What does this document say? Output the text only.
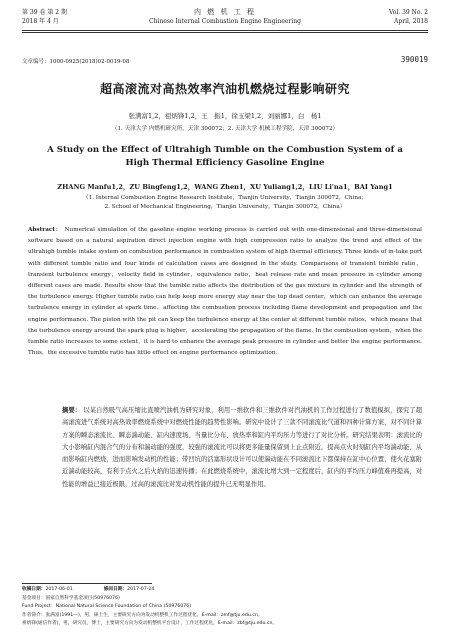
第 39 卷 第 2 期
2018 年 4 月
内 燃 机 工 程
Chinese Internal Combustion Engine Engineering
Vol. 39 No. 2
April, 2018
文章编号：1000-0925(2018)02-0019-08	390019
超高滚流对高热效率汽油机燃烧过程影响研究
张满富1,2，祖炳锋1,2，王　振1，徐玉梁1,2，刘丽娜1，白　杨1
（1. 天津大学 内燃机研究所，天津 300072；2. 天津大学 机械工程学院，天津 300072）
A Study on the Effect of Ultrahigh Tumble on the Combustion System of a High Thermal Efficiency Gasoline Engine
ZHANG Manfu1,2，ZU Bingfeng1,2，WANG Zhen1，XU Yuliang1,2，LIU Li'na1，BAI Yang1
（1. Internal Combustion Engine Research Institute，Tianjin University，Tianjin 300072，China；
2. School of Mechanical Engineering，Tianjin University，Tianjin 300072，China）
Abstract： Numerical simulation of the gasoline engine working process is carried out with one-dimensional and three-dimensional software based on a natural aspiration direct injection engine with high compression ratio to analyze the trend and effect of the ultrahigh tumble intake system on combustion performance in combustion system of high thermal efficiency. Three kinds of in-take port with different tumble ratio and four kinds of calculation cases are designed in the study. Comparisons of transient tumble ratio，transient turbulence energy，velocity field in cylinder，equivalence ratio，heat release rate and mean pressure in cylinder among different cases are made. Results show that the tumble ratio affects the distribution of the gas mixture in cylinder and the strength of the turbulence energy. Higher tumble ratio can help keep more energy stay near the top dead center，which can enhance the average turbulence energy in cylinder at spark time，affecting the combustion process including flame development and propagation and the engine performance. The piston with the pit can keep the turbulence energy at the center at different tumble ratios，which means that the turbulence energy around the spark plug is higher，accelerating the propagation of the flame. In the combustion system，when the tumble ratio increases to some extent，it is hard to enhance the average peak pressure in cylinder and better the engine performance. Thus，the excessive tumble ratio has little effect on engine performance optimization.
摘要： 以某自然吸气高压缩比直喷汽油机为研究对象，利用一维软件和三维软件对汽油机的工作过程进行了数值模拟，探究了超高滚流进气系统对高热效率燃烧系统中对燃烧性能的趋势性影响。研究中设计了三款不同滚流比气道和四种计算方案，对不同计算方案的瞬态滚流比、瞬态湍动能、缸内速度场、当量比分布、放热率和缸内平均压力等进行了对比分析。研究结果表明：滚流比的大小影响缸内混合气的分布和湍动能的强度，较强的滚流比可以将更多能量保留到上止点附近，提高点火时刻缸内平均湍动能，从而影响缸内燃烧，进而影响发动机的性能；带凹坑的活塞形状设计可以使湍动能在不同滚流比下都保持在缸中心位置，使火花塞附近湍动能较高，有利于点火之后火焰的迅速传播；在此燃烧系统中，滚流比增大到一定程度后，缸内的平均压力峰值难再提高，对性能的增益已接近极限，过高的滚流比对发动机性能的提升已无明显作用。
收稿日期：2017-06-01	修回日期：2017-07-24
基金项目：国家自然科学基金项目(50976076)
Fund Project：National Natural Science Foundation of China (50976076)
作者简介：张满富(1991—)，男，硕士生，主要研究方向为发动机整机工作过程优化，E-mail：zmf@tju.edu.cn。
祖炳锋(通信作者)，男，研究员，博士，主要研究方向为发动机整机平台设计，工作过程优化，E-mail：zbf@tju.edu.cn。
